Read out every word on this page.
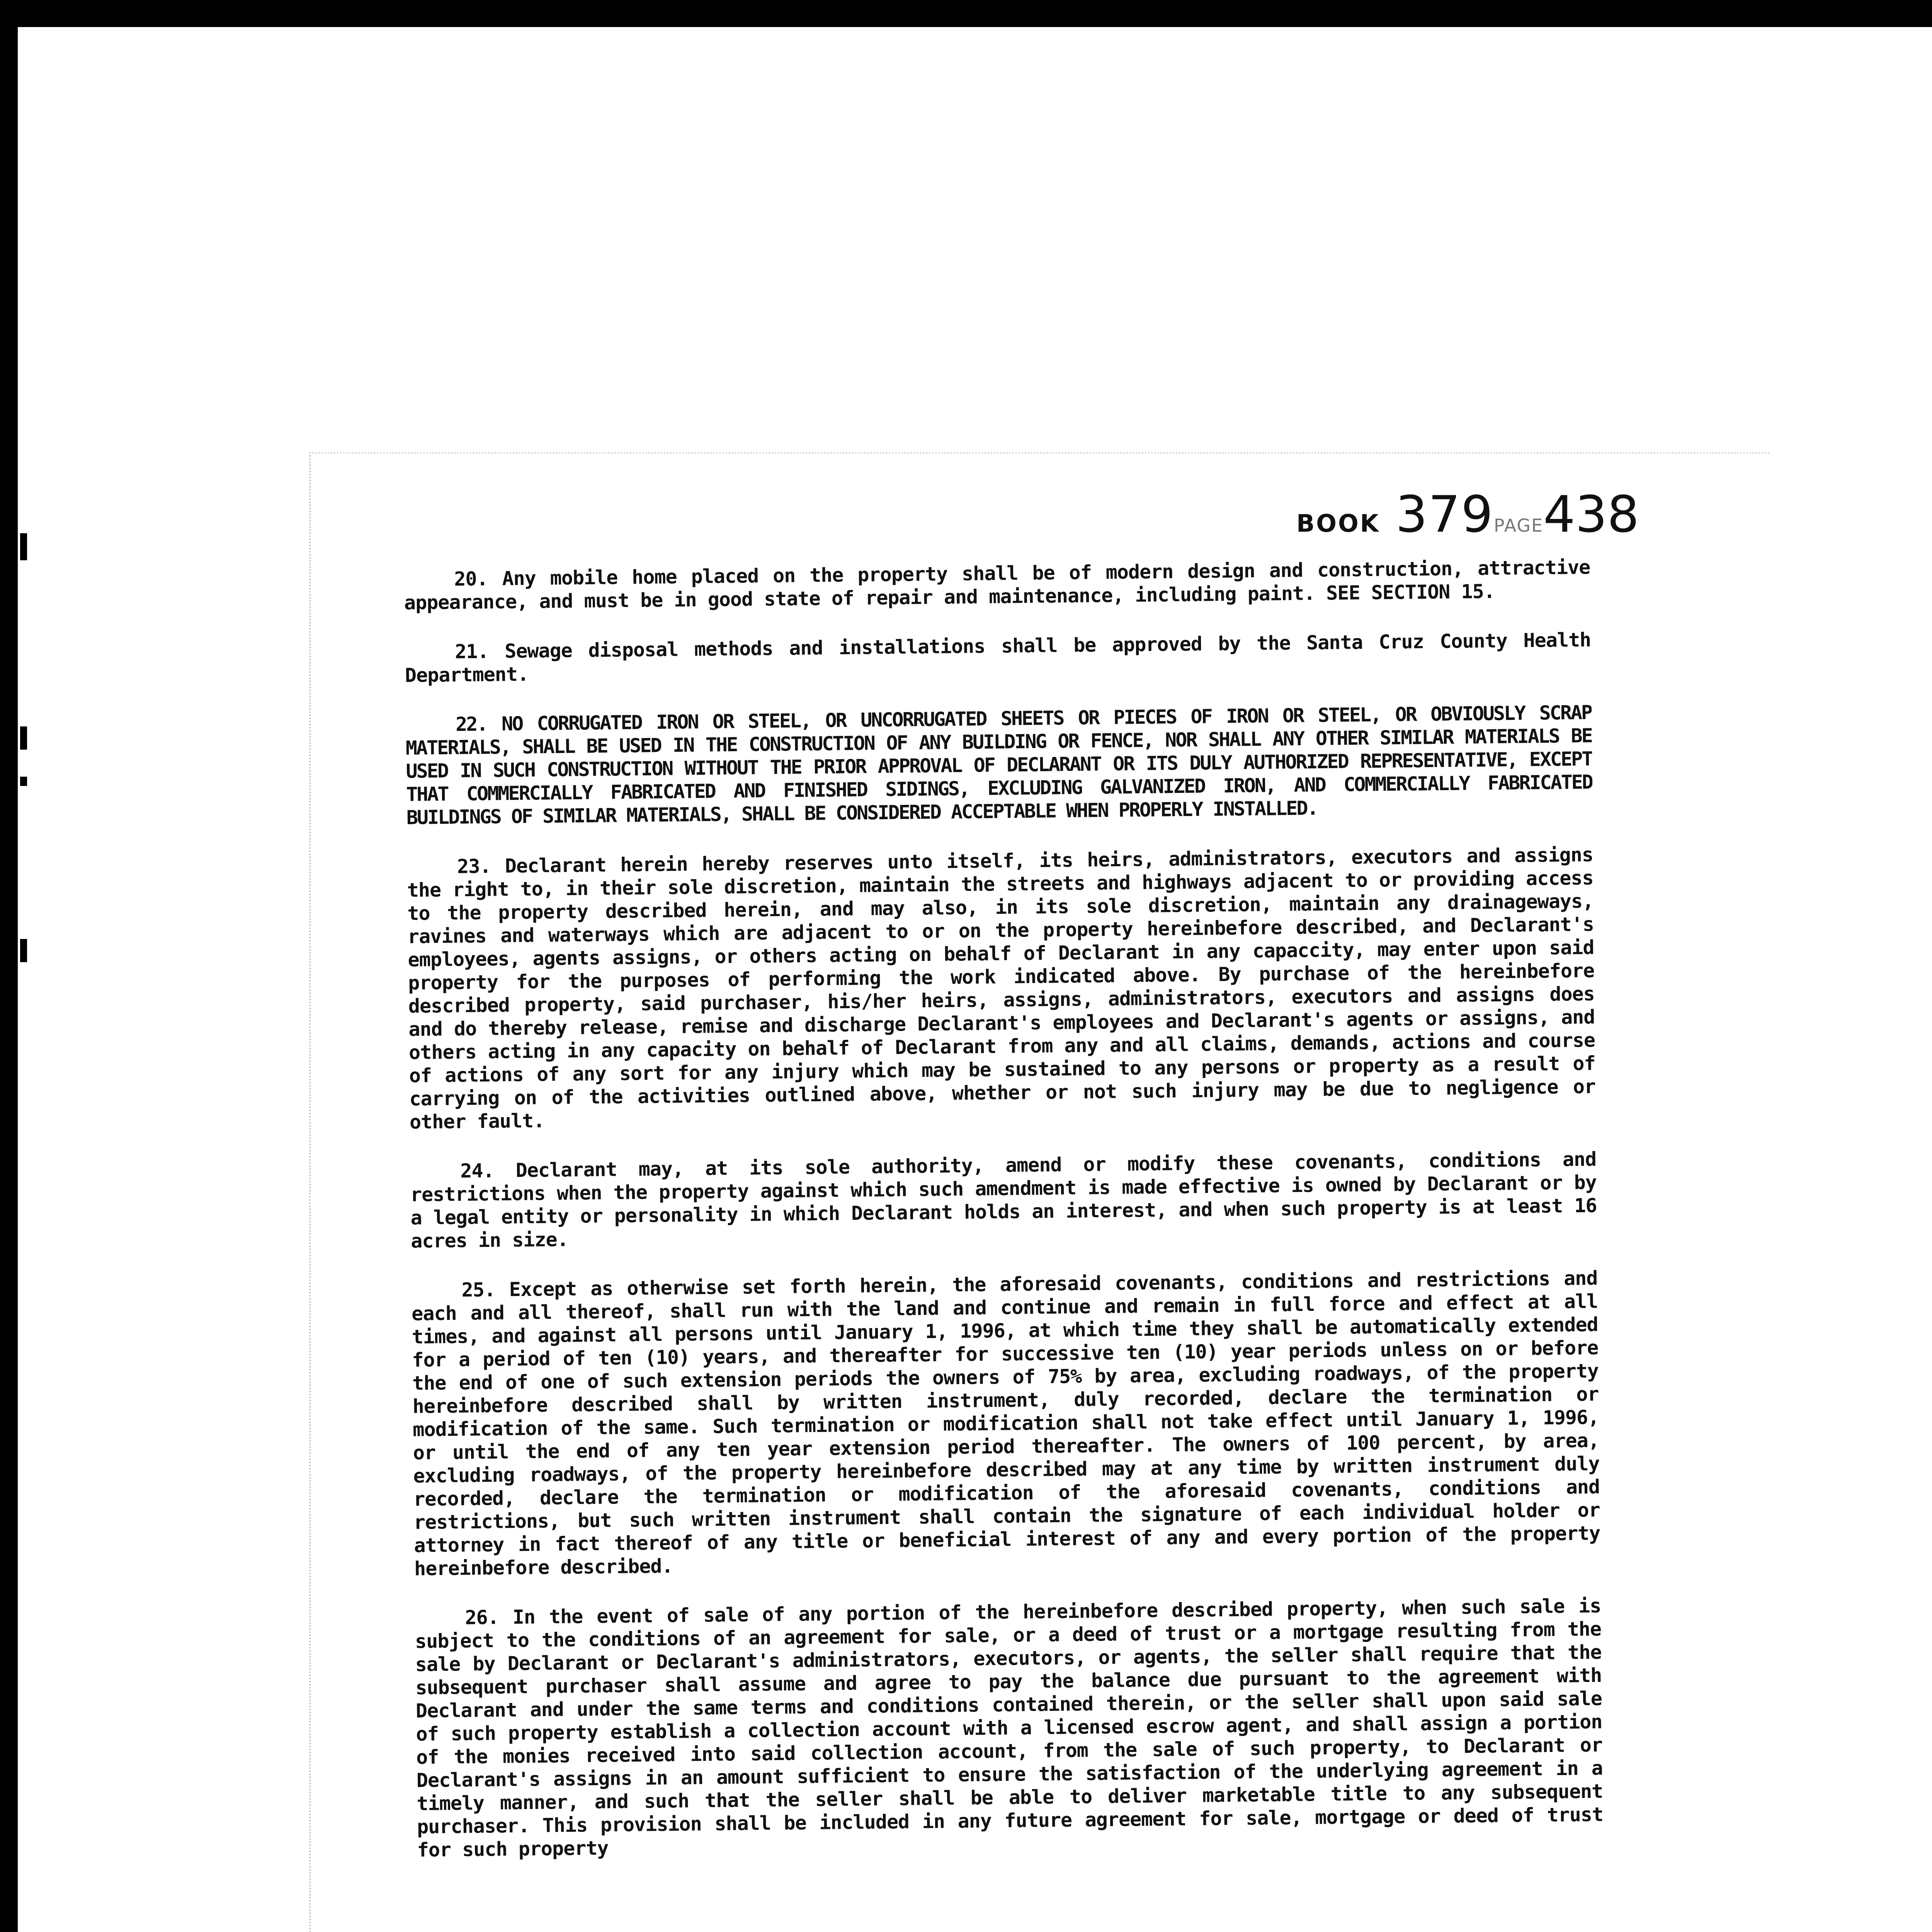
BOOK 379PAGE438

20. Any mobile home placed on the property shall be of modern design and construction, attractive appearance, and must be in good state of repair and maintenance, including paint. SEE SECTION 15.

21. Sewage disposal methods and installations shall be approved by the Santa Cruz County Health Department.

22. NO CORRUGATED IRON OR STEEL, OR UNCORRUGATED SHEETS OR PIECES OF IRON OR STEEL, OR OBVIOUSLY SCRAP MATERIALS, SHALL BE USED IN THE CONSTRUCTION OF ANY BUILDING OR FENCE, NOR SHALL ANY OTHER SIMILAR MATERIALS BE USED IN SUCH CONSTRUCTION WITHOUT THE PRIOR APPROVAL OF DECLARANT OR ITS DULY AUTHORIZED REPRESENTATIVE, EXCEPT THAT COMMERCIALLY FABRICATED AND FINISHED SIDINGS, EXCLUDING GALVANIZED IRON, AND COMMERCIALLY FABRICATED BUILDINGS OF SIMILAR MATERIALS, SHALL BE CONSIDERED ACCEPTABLE WHEN PROPERLY INSTALLED.

23. Declarant herein hereby reserves unto itself, its heirs, administrators, executors and assigns the right to, in their sole discretion, maintain the streets and highways adjacent to or providing access to the property described herein, and may also, in its sole discretion, maintain any drainageways, ravines and waterways which are adjacent to or on the property hereinbefore described, and Declarant's employees, agents assigns, or others acting on behalf of Declarant in any capaccity, may enter upon said property for the purposes of performing the work indicated above. By purchase of the hereinbefore described property, said purchaser, his/her heirs, assigns, administrators, executors and assigns does and do thereby release, remise and discharge Declarant's employees and Declarant's agents or assigns, and others acting in any capacity on behalf of Declarant from any and all claims, demands, actions and course of actions of any sort for any injury which may be sustained to any persons or property as a result of carrying on of the activities outlined above, whether or not such injury may be due to negligence or other fault.

24. Declarant may, at its sole authority, amend or modify these covenants, conditions and restrictions when the property against which such amendment is made effective is owned by Declarant or by a legal entity or personality in which Declarant holds an interest, and when such property is at least 16 acres in size.

25. Except as otherwise set forth herein, the aforesaid covenants, conditions and restrictions and each and all thereof, shall run with the land and continue and remain in full force and effect at all times, and against all persons until January 1, 1996, at which time they shall be automatically extended for a period of ten (10) years, and thereafter for successive ten (10) year periods unless on or before the end of one of such extension periods the owners of 75% by area, excluding roadways, of the property hereinbefore described shall by written instrument, duly recorded, declare the termination or modification of the same. Such termination or modification shall not take effect until January 1, 1996, or until the end of any ten year extension period thereafter. The owners of 100 percent, by area, excluding roadways, of the property hereinbefore described may at any time by written instrument duly recorded, declare the termination or modification of the aforesaid covenants, conditions and restrictions, but such written instrument shall contain the signature of each individual holder or attorney in fact thereof of any title or beneficial interest of any and every portion of the property hereinbefore described.

26. In the event of sale of any portion of the hereinbefore described property, when such sale is subject to the conditions of an agreement for sale, or a deed of trust or a mortgage resulting from the sale by Declarant or Declarant's administrators, executors, or agents, the seller shall require that the subsequent purchaser shall assume and agree to pay the balance due pursuant to the agreement with Declarant and under the same terms and conditions contained therein, or the seller shall upon said sale of such property establish a collection account with a licensed escrow agent, and shall assign a portion of the monies received into said collection account, from the sale of such property, to Declarant or Declarant's assigns in an amount sufficient to ensure the satisfaction of the underlying agreement in a timely manner, and such that the seller shall be able to deliver marketable title to any subsequent purchaser. This provision shall be included in any future agreement for sale, mortgage or deed of trust for such property
